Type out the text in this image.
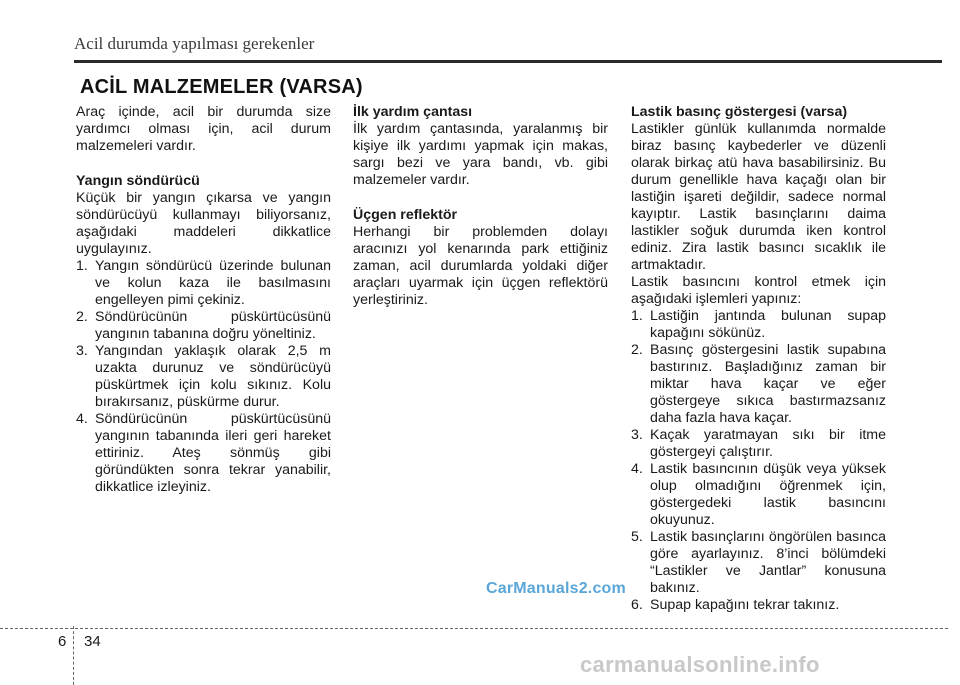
Acil durumda yapılması gerekenler
ACİL MALZEMELER (VARSA)

Araç içinde, acil bir durumda size yardımcı olması için, acil durum malzemeleri vardır.

Yangın söndürücü

Küçük bir yangın çıkarsa ve yangın söndürücüyü kullanmayı biliyorsanız, aşağıdaki maddeleri dikkatlice uygulayınız.

1. Yangın söndürücü üzerinde bulunan ve kolun kaza ile basılmasını engelleyen pimi çekiniz.
2. Söndürücünün püskürtücüsünü yangının tabanına doğru yöneltiniz.
3. Yangından yaklaşık olarak 2,5 m uzakta durunuz ve söndürücüyü püskürtmek için kolu sıkınız. Kolu bırakırsanız, püskürme durur.
4. Söndürücünün püskürtücüsünü yangının tabanında ileri geri hareket ettiriniz. Ateş sönmüş gibi göründükten sonra tekrar yanabilir, dikkatlice izleyiniz.
İlk yardım çantası

İlk yardım çantasında, yaralanmış bir kişiye ilk yardımı yapmak için makas, sargı bezi ve yara bandı, vb. gibi malzemeler vardır.

Üçgen reflektör

Herhangi bir problemden dolayı aracınızı yol kenarında park ettiğiniz zaman, acil durumlarda yoldaki diğer araçları uyarmak için üçgen reflektörü yerleştiriniz.

Lastik basınç göstergesi (varsa)

Lastikler günlük kullanımda normalde biraz basınç kaybederler ve düzenli olarak birkaç atü hava basabilirsiniz. Bu durum genellikle hava kaçağı olan bir lastiğin işareti değildir, sadece normal kayıptır. Lastik basınçlarını daima lastikler soğuk durumda iken kontrol ediniz. Zira lastik basıncı sıcaklık ile artmaktadır.

Lastik basıncını kontrol etmek için aşağıdaki işlemleri yapınız:

1. Lastiğin jantında bulunan supap kapağını sökünüz.
2. Basınç göstergesini lastik supabına bastırınız. Başladığınız zaman bir miktar hava kaçar ve eğer göstergeye sıkıca bastırmazsanız daha fazla hava kaçar.
3. Kaçak yaratmayan sıkı bir itme göstergeyi çalıştırır.
4. Lastik basıncının düşük veya yüksek olup olmadığını öğrenmek için, göstergedeki lastik basıncını okuyunuz.
5. Lastik basınçlarını öngörülen basınca göre ayarlayınız. 8’inci bölümdeki “Lastikler ve Jantlar” konusuna bakınız.
6. Supap kapağını tekrar takınız.
CarManuals2.com
6 34
carmanualsonline.info
